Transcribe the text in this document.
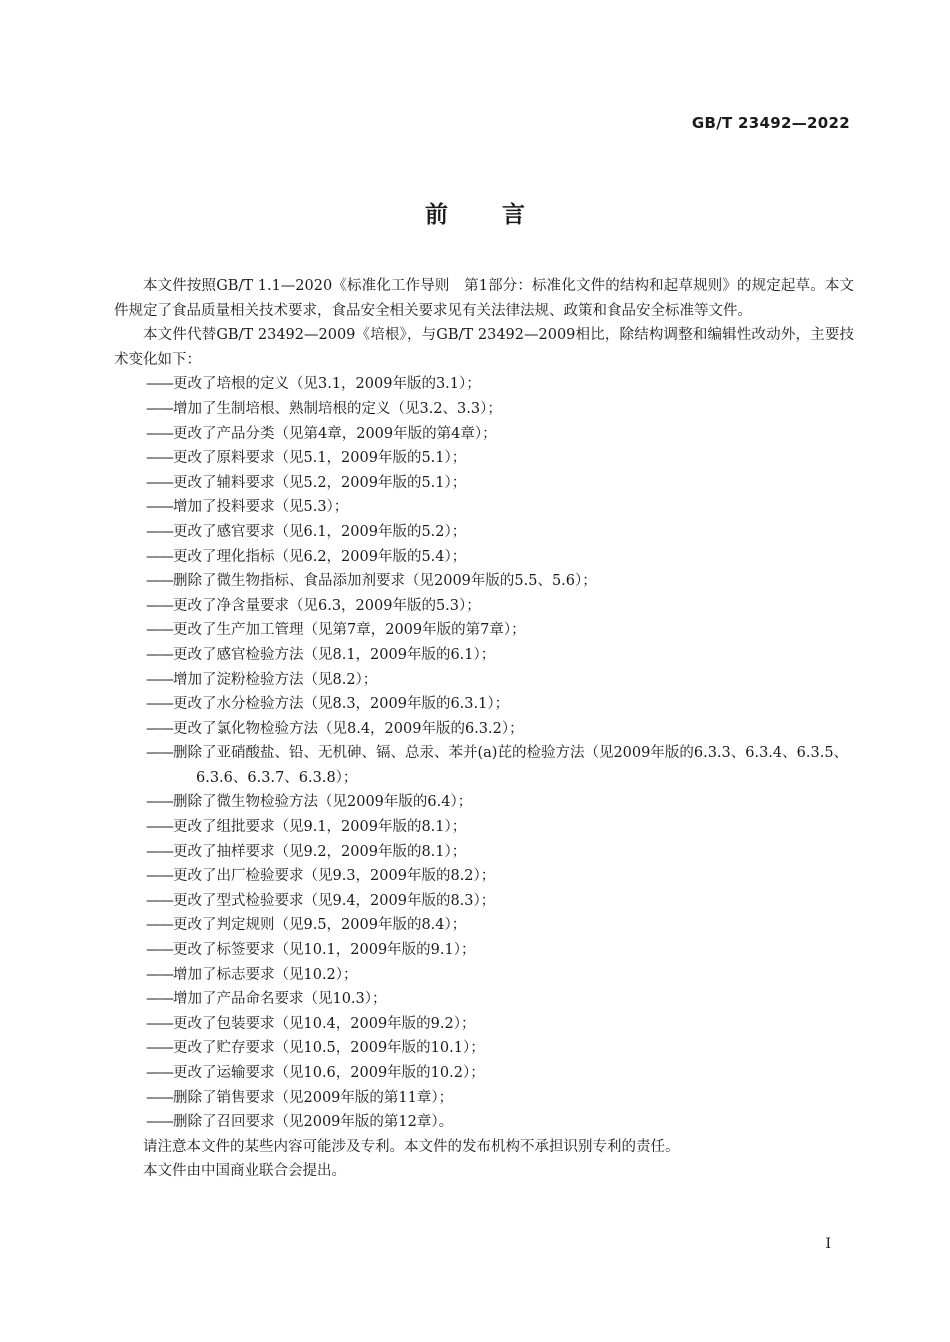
GB/T 23492—2022
前言

本文件按照GB/T 1.1—2020《标准化工作导则　第1部分：标准化文件的结构和起草规则》的规定起草。本文件规定了食品质量相关技术要求，食品安全相关要求见有关法律法规、政策和食品安全标准等文件。

本文件代替GB/T 23492—2009《培根》，与GB/T 23492—2009相比，除结构调整和编辑性改动外，主要技术变化如下：

——更改了培根的定义（见3.1，2009年版的3.1）；
——增加了生制培根、熟制培根的定义（见3.2、3.3）；
——更改了产品分类（见第4章，2009年版的第4章）；
——更改了原料要求（见5.1，2009年版的5.1）；
——更改了辅料要求（见5.2，2009年版的5.1）；
——增加了投料要求（见5.3）；
——更改了感官要求（见6.1，2009年版的5.2）；
——更改了理化指标（见6.2，2009年版的5.4）；
——删除了微生物指标、食品添加剂要求（见2009年版的5.5、5.6）；
——更改了净含量要求（见6.3，2009年版的5.3）；
——更改了生产加工管理（见第7章，2009年版的第7章）；
——更改了感官检验方法（见8.1，2009年版的6.1）；
——增加了淀粉检验方法（见8.2）；
——更改了水分检验方法（见8.3，2009年版的6.3.1）；
——更改了氯化物检验方法（见8.4，2009年版的6.3.2）；
——删除了亚硝酸盐、铅、无机砷、镉、总汞、苯并(a)芘的检验方法（见2009年版的6.3.3、6.3.4、6.3.5、6.3.6、6.3.7、6.3.8）；
——删除了微生物检验方法（见2009年版的6.4）；
——更改了组批要求（见9.1，2009年版的8.1）；
——更改了抽样要求（见9.2，2009年版的8.1）；
——更改了出厂检验要求（见9.3，2009年版的8.2）；
——更改了型式检验要求（见9.4，2009年版的8.3）；
——更改了判定规则（见9.5，2009年版的8.4）；
——更改了标签要求（见10.1，2009年版的9.1）；
——增加了标志要求（见10.2）；
——增加了产品命名要求（见10.3）；
——更改了包装要求（见10.4，2009年版的9.2）；
——更改了贮存要求（见10.5，2009年版的10.1）；
——更改了运输要求（见10.6，2009年版的10.2）；
——删除了销售要求（见2009年版的第11章）；
——删除了召回要求（见2009年版的第12章）。

请注意本文件的某些内容可能涉及专利。本文件的发布机构不承担识别专利的责任。

本文件由中国商业联合会提出。

I
